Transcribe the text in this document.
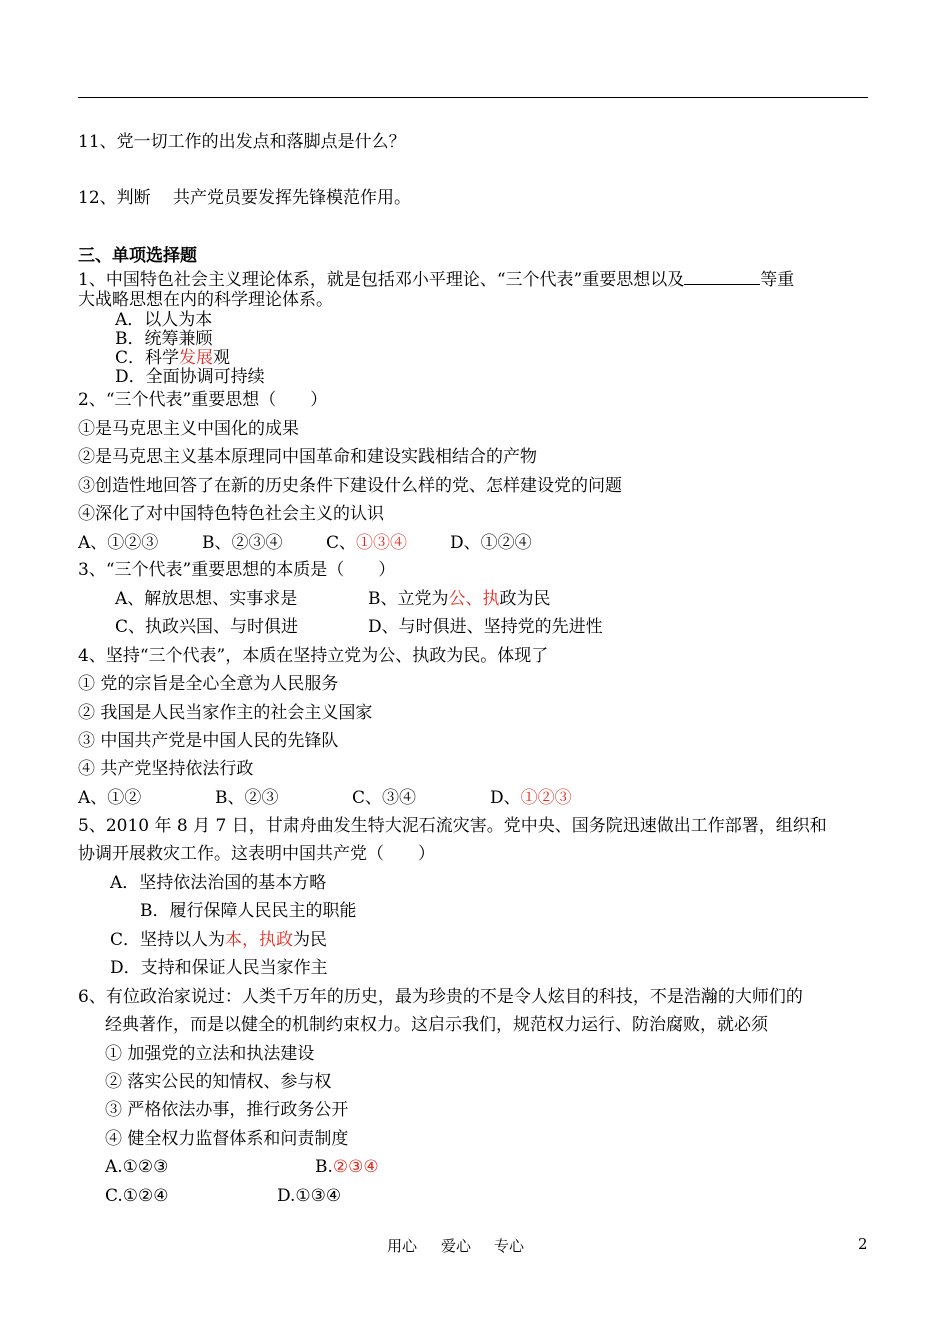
11、党一切工作的出发点和落脚点是什么？
12、判断　 共产党员要发挥先锋模范作用。
三、单项选择题
1、中国特色社会主义理论体系，就是包括邓小平理论、“三个代表”重要思想以及	等重
大战略思想在内的科学理论体系。
A．以人为本
B．统筹兼顾
C．科学发展观
D．全面协调可持续
2、“三个代表”重要思想（　　）
①是马克思主义中国化的成果
②是马克思主义基本原理同中国革命和建设实践相结合的产物
③创造性地回答了在新的历史条件下建设什么样的党、怎样建设党的问题
④深化了对中国特色特色社会主义的认识
A、①②③	B、②③④	C、①③④	D、①②④
3、“三个代表”重要思想的本质是（　　）
A、解放思想、实事求是	B、立党为公、执政为民
C、执政兴国、与时俱进	D、与时俱进、坚持党的先进性
4、坚持“三个代表”，本质在坚持立党为公、执政为民。体现了
① 党的宗旨是全心全意为人民服务
② 我国是人民当家作主的社会主义国家
③ 中国共产党是中国人民的先锋队
④ 共产党坚持依法行政
A、①②	B、②③	C、③④	D、①②③
5、2010 年 8 月 7 日，甘肃舟曲发生特大泥石流灾害。党中央、国务院迅速做出工作部署，组织和
协调开展救灾工作。这表明中国共产党（　　）
A．坚持依法治国的基本方略
B．履行保障人民民主的职能
C．坚持以人为本，执政为民
D．支持和保证人民当家作主
6、有位政治家说过：人类千万年的历史，最为珍贵的不是令人炫目的科技，不是浩瀚的大师们的
经典著作，而是以健全的机制约束权力。这启示我们，规范权力运行、防治腐败，就必须
① 加强党的立法和执法建设
② 落实公民的知情权、参与权
③ 严格依法办事，推行政务公开
④ 健全权力监督体系和问责制度
A.①②③	B.②③④
C.①②④	D.①③④
用心 爱心 专心	2
